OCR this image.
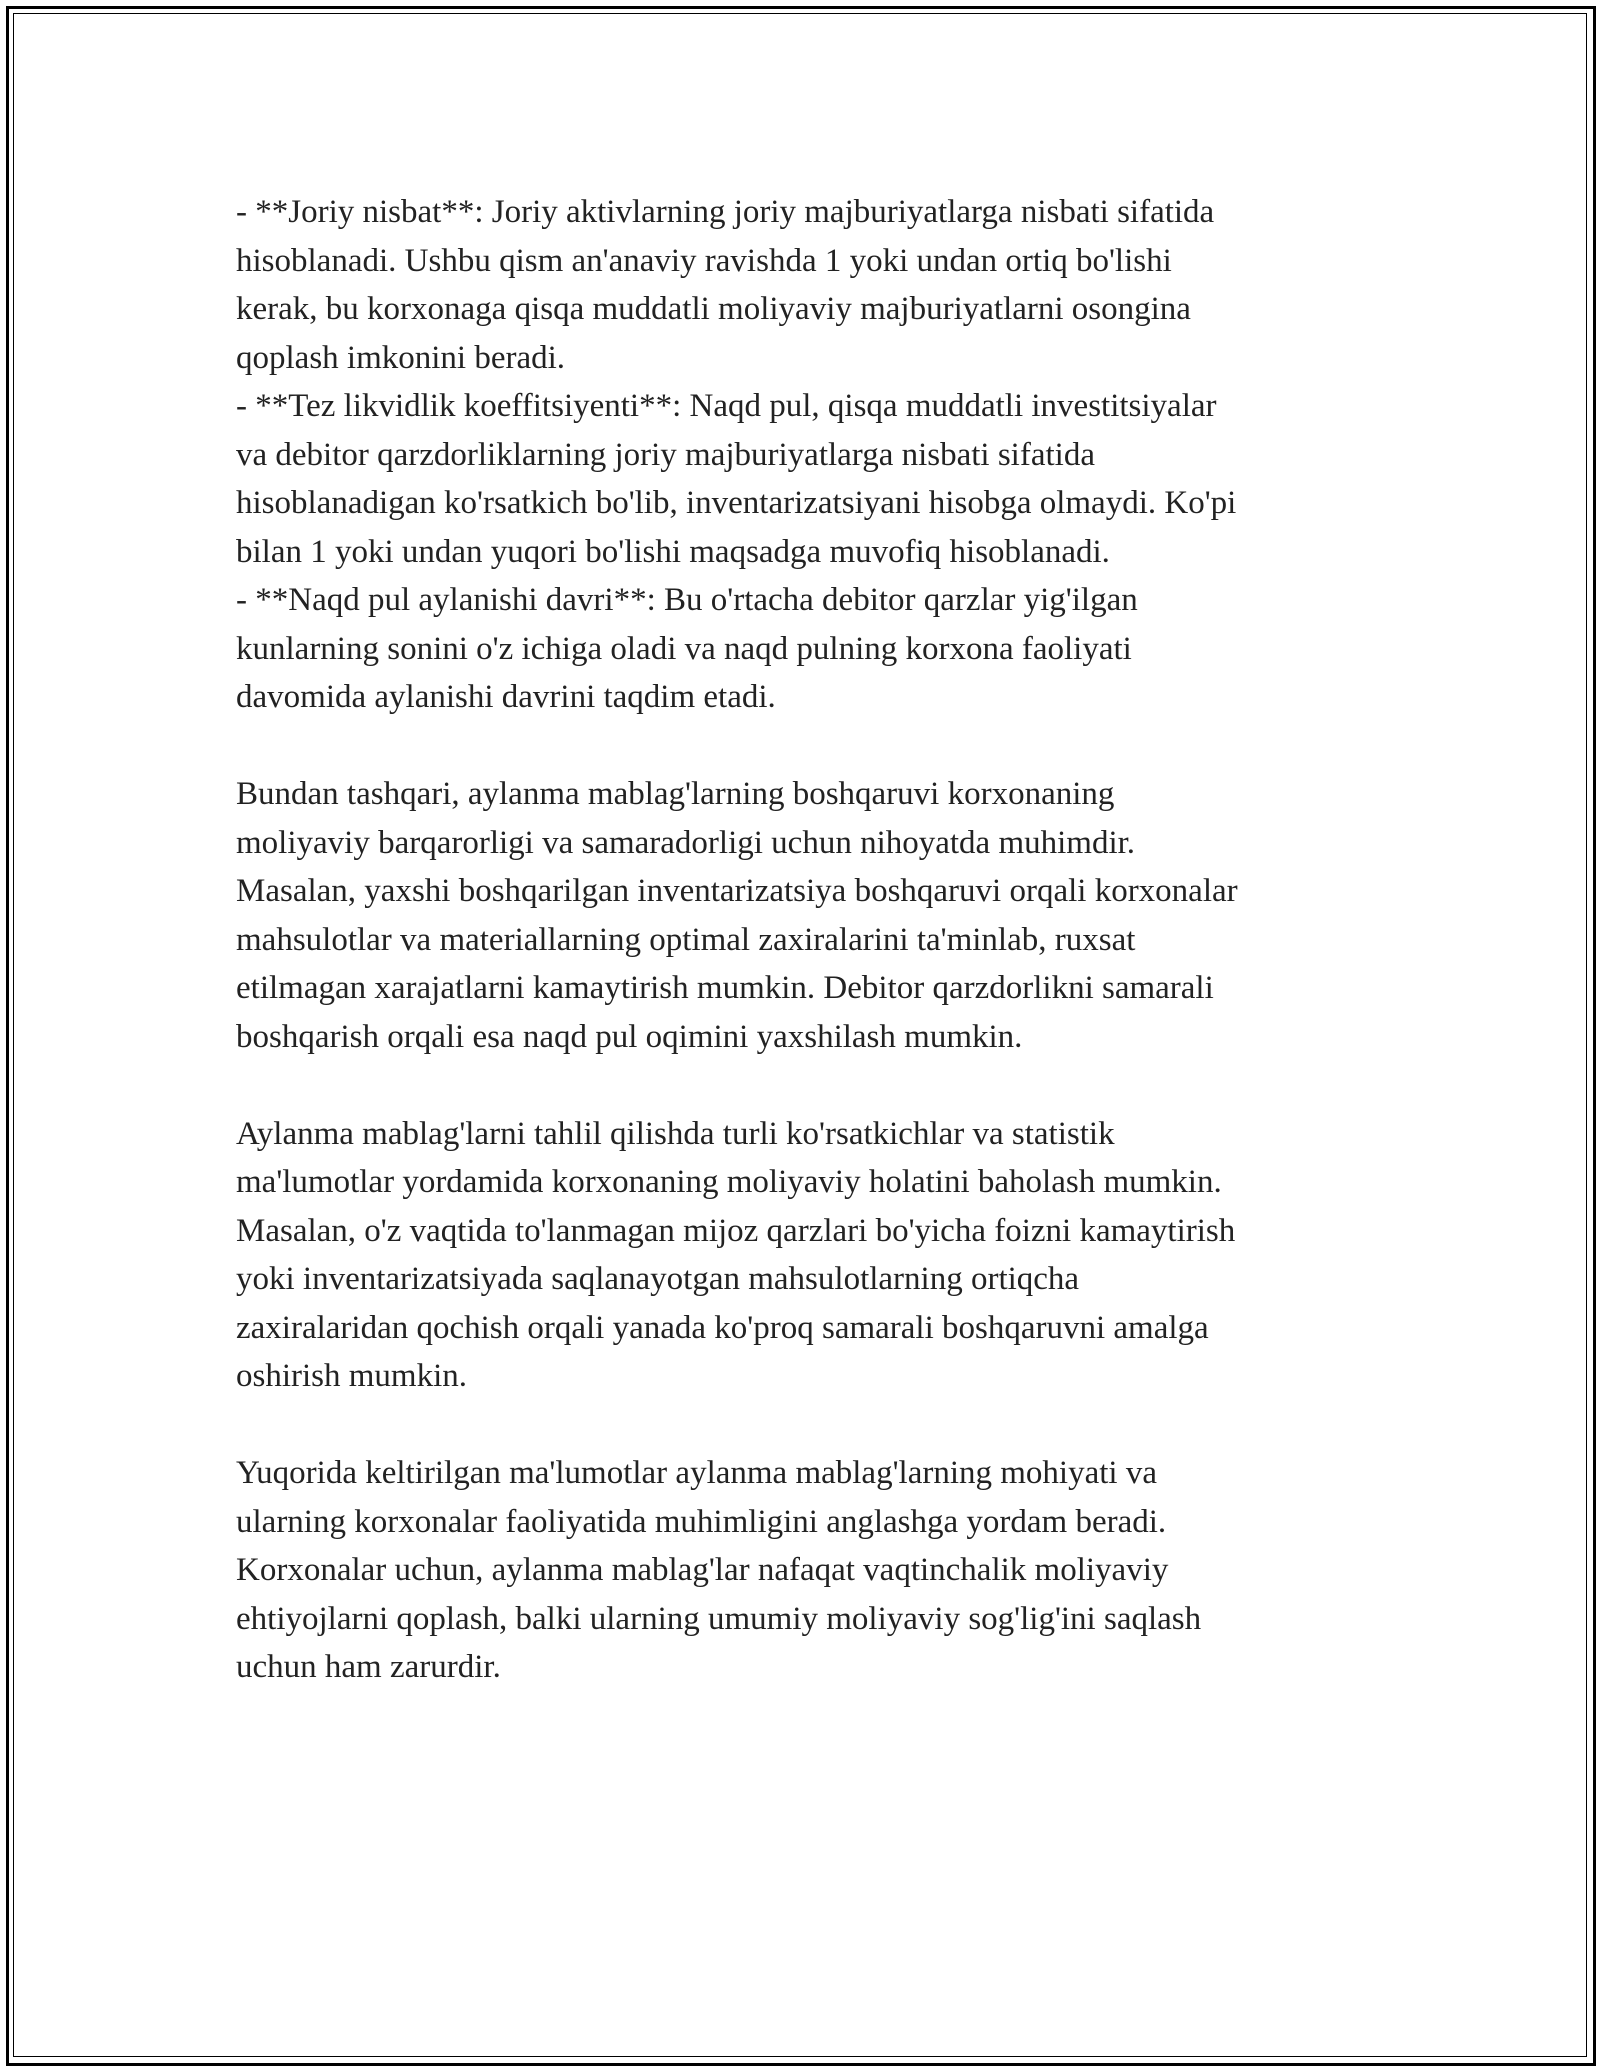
- **Joriy nisbat**: Joriy aktivlarning joriy majburiyatlarga nisbati sifatida
hisoblanadi. Ushbu qism an'anaviy ravishda 1 yoki undan ortiq bo'lishi
kerak, bu korxonaga qisqa muddatli moliyaviy majburiyatlarni osongina
qoplash imkonini beradi.
- **Tez likvidlik koeffitsiyenti**: Naqd pul, qisqa muddatli investitsiyalar
va debitor qarzdorliklarning joriy majburiyatlarga nisbati sifatida
hisoblanadigan ko'rsatkich bo'lib, inventarizatsiyani hisobga olmaydi. Ko'pi
bilan 1 yoki undan yuqori bo'lishi maqsadga muvofiq hisoblanadi.
- **Naqd pul aylanishi davri**: Bu o'rtacha debitor qarzlar yig'ilgan
kunlarning sonini o'z ichiga oladi va naqd pulning korxona faoliyati
davomida aylanishi davrini taqdim etadi.
Bundan tashqari, aylanma mablag'larning boshqaruvi korxonaning
moliyaviy barqarorligi va samaradorligi uchun nihoyatda muhimdir.
Masalan, yaxshi boshqarilgan inventarizatsiya boshqaruvi orqali korxonalar
mahsulotlar va materiallarning optimal zaxiralarini ta'minlab, ruxsat
etilmagan xarajatlarni kamaytirish mumkin. Debitor qarzdorlikni samarali
boshqarish orqali esa naqd pul oqimini yaxshilash mumkin.
Aylanma mablag'larni tahlil qilishda turli ko'rsatkichlar va statistik
ma'lumotlar yordamida korxonaning moliyaviy holatini baholash mumkin.
Masalan, o'z vaqtida to'lanmagan mijoz qarzlari bo'yicha foizni kamaytirish
yoki inventarizatsiyada saqlanayotgan mahsulotlarning ortiqcha
zaxiralaridan qochish orqali yanada ko'proq samarali boshqaruvni amalga
oshirish mumkin.
Yuqorida keltirilgan ma'lumotlar aylanma mablag'larning mohiyati va
ularning korxonalar faoliyatida muhimligini anglashga yordam beradi.
Korxonalar uchun, aylanma mablag'lar nafaqat vaqtinchalik moliyaviy
ehtiyojlarni qoplash, balki ularning umumiy moliyaviy sog'lig'ini saqlash
uchun ham zarurdir.
